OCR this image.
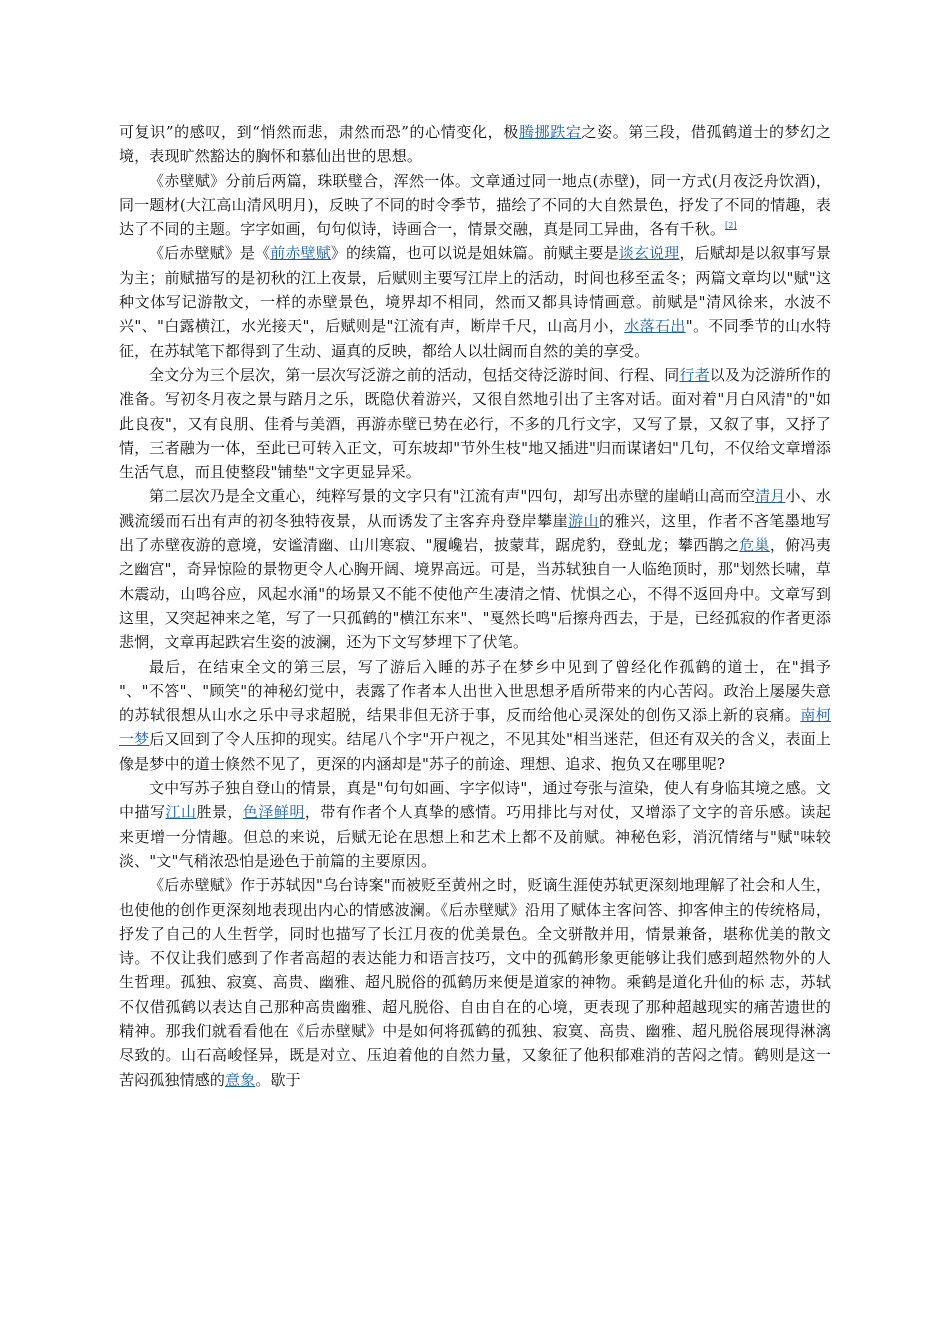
可复识”的感叹，到“悄然而悲，肃然而恐”的心情变化，极腾挪跌宕之姿。第三段，借孤鹤道士的梦幻之境，表现旷然豁达的胸怀和慕仙出世的思想。

《赤壁赋》分前后两篇，珠联璧合，浑然一体。文章通过同一地点(赤壁)，同一方式(月夜泛舟饮酒)，同一题材(大江高山清风明月)，反映了不同的时令季节，描绘了不同的大自然景色，抒发了不同的情趣，表达了不同的主题。字字如画，句句似诗，诗画合一，情景交融，真是同工异曲，各有千秋。[2]

《后赤壁赋》是《前赤壁赋》的续篇，也可以说是姐妹篇。前赋主要是谈玄说理，后赋却是以叙事写景为主；前赋描写的是初秋的江上夜景，后赋则主要写江岸上的活动，时间也移至孟冬；两篇文章均以"赋"这种文体写记游散文，一样的赤壁景色，境界却不相同，然而又都具诗情画意。前赋是"清风徐来，水波不兴"、"白露横江，水光接天"，后赋则是"江流有声，断岸千尺，山高月小，水落石出"。不同季节的山水特征，在苏轼笔下都得到了生动、逼真的反映，都给人以壮阔而自然的美的享受。

全文分为三个层次，第一层次写泛游之前的活动，包括交待泛游时间、行程、同行者以及为泛游所作的准备。写初冬月夜之景与踏月之乐，既隐伏着游兴，又很自然地引出了主客对话。面对着"月白风清"的"如此良夜"，又有良朋、佳肴与美酒，再游赤壁已势在必行，不多的几行文字，又写了景，又叙了事，又抒了情，三者融为一体，至此已可转入正文，可东坡却"节外生枝"地又插进"归而谋诸妇"几句，不仅给文章增添生活气息，而且使整段"铺垫"文字更显异采。

第二层次乃是全文重心，纯粹写景的文字只有"江流有声"四句，却写出赤壁的崖峭山高而空清月小、水溅流缓而石出有声的初冬独特夜景，从而诱发了主客弃舟登岸攀崖游山的雅兴，这里，作者不吝笔墨地写出了赤壁夜游的意境，安谧清幽、山川寒寂、"履巉岩，披蒙茸，踞虎豹，登虬龙；攀西鹊之危巢，俯冯夷之幽宫"，奇异惊险的景物更令人心胸开阔、境界高远。可是，当苏轼独自一人临绝顶时，那"划然长啸，草木震动，山鸣谷应，风起水涌"的场景又不能不使他产生凄清之情、忧惧之心，不得不返回舟中。文章写到这里，又突起神来之笔，写了一只孤鹤的"横江东来"、"戛然长鸣"后擦舟西去，于是，已经孤寂的作者更添悲惘，文章再起跌宕生姿的波澜，还为下文写梦埋下了伏笔。

最后，在结束全文的第三层，写了游后入睡的苏子在梦乡中见到了曾经化作孤鹤的道士，在"揖予 "、"不答"、"顾笑"的神秘幻觉中，表露了作者本人出世入世思想矛盾所带来的内心苦闷。政治上屡屡失意的苏轼很想从山水之乐中寻求超脱，结果非但无济于事，反而给他心灵深处的创伤又添上新的哀痛。南柯一梦后又回到了令人压抑的现实。结尾八个字"开户视之，不见其处"相当迷茫，但还有双关的含义，表面上像是梦中的道士倏然不见了，更深的内涵却是"苏子的前途、理想、追求、抱负又在哪里呢?

文中写苏子独自登山的情景，真是"句句如画、字字似诗"，通过夸张与渲染，使人有身临其境之感。文中描写江山胜景，色泽鲜明，带有作者个人真挚的感情。巧用排比与对仗，又增添了文字的音乐感。读起来更增一分情趣。但总的来说，后赋无论在思想上和艺术上都不及前赋。神秘色彩，消沉情绪与"赋"味较淡、"文"气稍浓恐怕是逊色于前篇的主要原因。

《后赤壁赋》作于苏轼因"乌台诗案"而被贬至黄州之时，贬谪生涯使苏轼更深刻地理解了社会和人生，也使他的创作更深刻地表现出内心的情感波澜。《后赤壁赋》沿用了赋体主客问答、抑客伸主的传统格局，抒发了自己的人生哲学，同时也描写了长江月夜的优美景色。全文骈散并用，情景兼备，堪称优美的散文诗。不仅让我们感到了作者高超的表达能力和语言技巧，文中的孤鹤形象更能够让我们感到超然物外的人生哲理。孤独、寂寞、高贵、幽雅、超凡脱俗的孤鹤历来便是道家的神物。乘鹤是道化升仙的标 志，苏轼不仅借孤鹤以表达自己那种高贵幽雅、超凡脱俗、自由自在的心境，更表现了那种超越现实的痛苦遗世的精神。那我们就看看他在《后赤壁赋》中是如何将孤鹤的孤独、寂寞、高贵、幽雅、超凡脱俗展现得淋漓尽致的。山石高峻怪异，既是对立、压迫着他的自然力量，又象征了他积郁难消的苦闷之情。鹤则是这一苦闷孤独情感的意象。歇于
